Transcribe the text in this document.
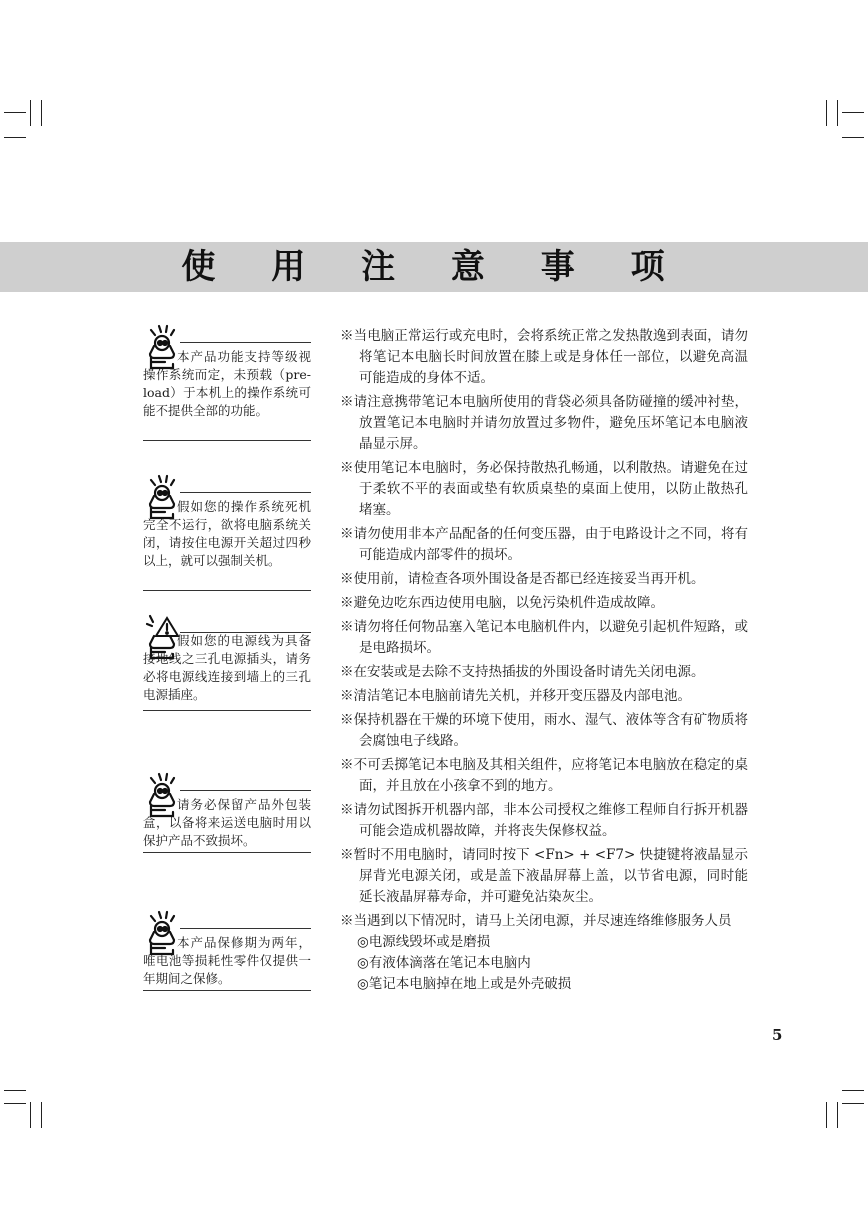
使 用 注 意 事 项
本产品功能支持等级视操作系统而定，未预载（pre-load）于本机上的操作系统可能不提供全部的功能。
假如您的操作系统死机完全不运行，欲将电脑系统关闭，请按住电源开关超过四秒以上，就可以强制关机。
假如您的电源线为具备接地线之三孔电源插头，请务必将电源线连接到墙上的三孔电源插座。
请务必保留产品外包装盒，以备将来运送电脑时用以保护产品不致损坏。
本产品保修期为两年，唯电池等损耗性零件仅提供一年期间之保修。
※当电脑正常运行或充电时，会将系统正常之发热散逸到表面，请勿将笔记本电脑长时间放置在膝上或是身体任一部位，以避免高温可能造成的身体不适。
※请注意携带笔记本电脑所使用的背袋必须具备防碰撞的缓冲衬垫，放置笔记本电脑时并请勿放置过多物件，避免压坏笔记本电脑液晶显示屏。
※使用笔记本电脑时，务必保持散热孔畅通，以利散热。请避免在过于柔软不平的表面或垫有软质桌垫的桌面上使用，以防止散热孔堵塞。
※请勿使用非本产品配备的任何变压器，由于电路设计之不同，将有可能造成内部零件的损坏。
※使用前，请检查各项外围设备是否都已经连接妥当再开机。
※避免边吃东西边使用电脑，以免污染机件造成故障。
※请勿将任何物品塞入笔记本电脑机件内，以避免引起机件短路，或是电路损坏。
※在安装或是去除不支持热插拔的外围设备时请先关闭电源。
※清洁笔记本电脑前请先关机，并移开变压器及内部电池。
※保持机器在干燥的环境下使用，雨水、湿气、液体等含有矿物质将会腐蚀电子线路。
※不可丢掷笔记本电脑及其相关组件，应将笔记本电脑放在稳定的桌面，并且放在小孩拿不到的地方。
※请勿试图拆开机器内部，非本公司授权之维修工程师自行拆开机器可能会造成机器故障，并将丧失保修权益。
※暂时不用电脑时，请同时按下 <Fn> + <F7> 快捷键将液晶显示屏背光电源关闭，或是盖下液晶屏幕上盖，以节省电源，同时能延长液晶屏幕寿命，并可避免沾染灰尘。
※当遇到以下情况时，请马上关闭电源，并尽速连络维修服务人员
◎电源线毁坏或是磨损
◎有液体滴落在笔记本电脑内
◎笔记本电脑掉在地上或是外壳破损
5
